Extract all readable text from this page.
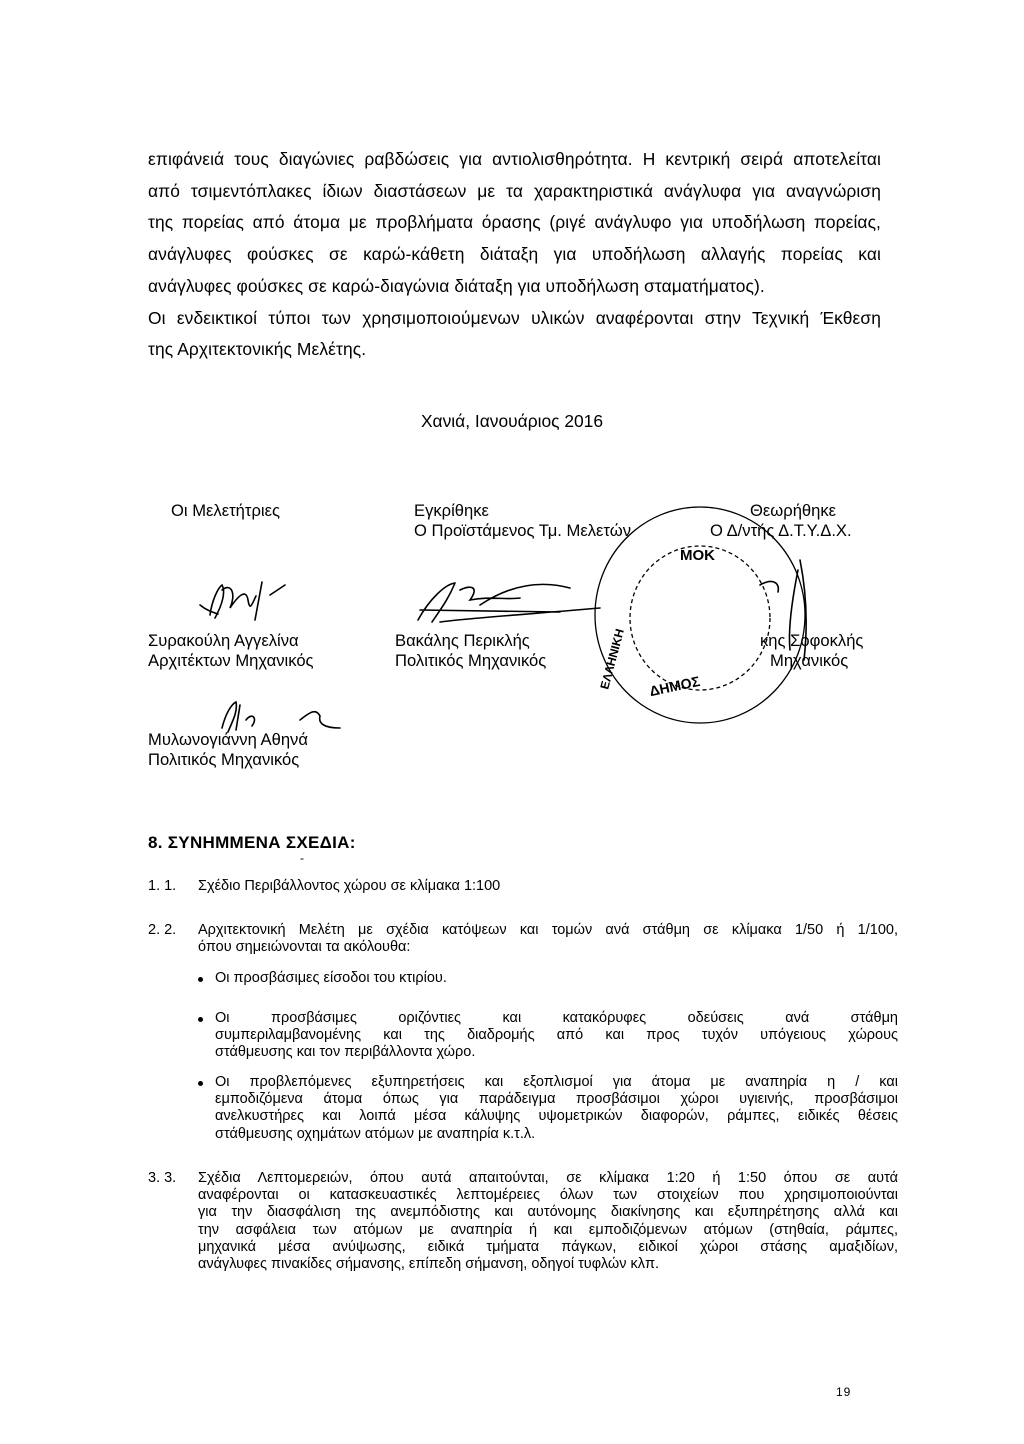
επιφάνειά τους διαγώνιες ραβδώσεις για αντιολισθηρότητα. Η κεντρική σειρά αποτελείται
από τσιμεντόπλακες ίδιων διαστάσεων με τα χαρακτηριστικά ανάγλυφα για αναγνώριση
της πορείας από άτομα με προβλήματα όρασης (ριγέ ανάγλυφο για υποδήλωση πορείας,
ανάγλυφες φούσκες σε καρώ-κάθετη διάταξη για υποδήλωση αλλαγής πορείας και
ανάγλυφες φούσκες σε καρώ-διαγώνια διάταξη για υποδήλωση σταματήματος).
Οι ενδεικτικοί τύποι των χρησιμοποιούμενων υλικών αναφέρονται στην Τεχνική Έκθεση
της Αρχιτεκτονικής Μελέτης.
Χανιά, Ιανουάριος 2016
Οι Μελετήτριες	Εγκρίθηκε
Ο Προϊστάμενος Τμ. Μελετών
Θεωρήθηκε
Ο Δ/ντής Δ.Τ.Υ.Δ.Χ.
Συρακούλη Αγγελίνα
Αρχιτέκτων Μηχανικός
Βακάλης Περικλής
Πολιτικός Μηχανικός
κης Σοφοκλής
Μηχανικός
Μυλωνογιάννη Αθηνά
Πολιτικός Μηχανικός
ΜΟΚ
ΔΗΜΟΣ
ΕΛΛΗΝΙΚΗ
8. ΣΥΝΗΜΜΕΝΑ ΣΧΕΔΙΑ:
-
1. 1. Σχέδιο Περιβάλλοντος χώρου σε κλίμακα 1:100
2. 2. Αρχιτεκτονική Μελέτη με σχέδια κατόψεων και τομών ανά στάθμη σε κλίμακα 1/50 ή 1/100,
όπου σημειώνονται τα ακόλουθα:
Οι προσβάσιμες είσοδοι του κτιρίου.
Οι προσβάσιμες οριζόντιες και κατακόρυφες οδεύσεις ανά στάθμη
συμπεριλαμβανομένης και της διαδρομής από και προς τυχόν υπόγειους χώρους
στάθμευσης και τον περιβάλλοντα χώρο.
Οι προβλεπόμενες εξυπηρετήσεις και εξοπλισμοί για άτομα με αναπηρία η / και
εμποδιζόμενα άτομα όπως για παράδειγμα προσβάσιμοι χώροι υγιεινής, προσβάσιμοι
ανελκυστήρες και λοιπά μέσα κάλυψης υψομετρικών διαφορών, ράμπες, ειδικές θέσεις
στάθμευσης οχημάτων ατόμων με αναπηρία κ.τ.λ.
3. 3. Σχέδια Λεπτομερειών, όπου αυτά απαιτούνται, σε κλίμακα 1:20 ή 1:50 όπου σε αυτά
αναφέρονται οι κατασκευαστικές λεπτομέρειες όλων των στοιχείων που χρησιμοποιούνται
για την διασφάλιση της ανεμπόδιστης και αυτόνομης διακίνησης και εξυπηρέτησης αλλά και
την ασφάλεια των ατόμων με αναπηρία ή και εμποδιζόμενων ατόμων (στηθαία, ράμπες,
μηχανικά μέσα ανύψωσης, ειδικά τμήματα πάγκων, ειδικοί χώροι στάσης αμαξιδίων,
ανάγλυφες πινακίδες σήμανσης, επίπεδη σήμανση, οδηγοί τυφλών κλπ.
19
